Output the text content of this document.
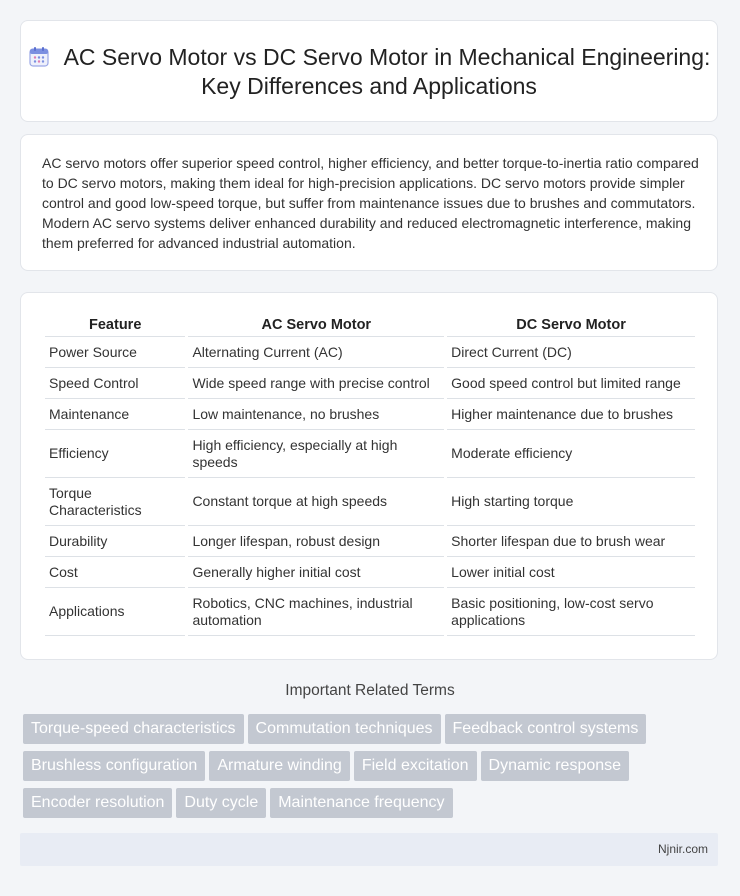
AC Servo Motor vs DC Servo Motor in Mechanical Engineering: Key Differences and Applications
AC servo motors offer superior speed control, higher efficiency, and better torque-to-inertia ratio compared to DC servo motors, making them ideal for high-precision applications. DC servo motors provide simpler control and good low-speed torque, but suffer from maintenance issues due to brushes and commutators. Modern AC servo systems deliver enhanced durability and reduced electromagnetic interference, making them preferred for advanced industrial automation.
Feature	AC Servo Motor	DC Servo Motor
Power Source	Alternating Current (AC)	Direct Current (DC)
Speed Control	Wide speed range with precise control	Good speed control but limited range
Maintenance	Low maintenance, no brushes	Higher maintenance due to brushes
Efficiency	High efficiency, especially at high speeds	Moderate efficiency
Torque Characteristics	Constant torque at high speeds	High starting torque
Durability	Longer lifespan, robust design	Shorter lifespan due to brush wear
Cost	Generally higher initial cost	Lower initial cost
Applications	Robotics, CNC machines, industrial automation	Basic positioning, low-cost servo applications
Important Related Terms
Torque-speed characteristics Commutation techniques Feedback control systems
Brushless configuration Armature winding Field excitation Dynamic response
Encoder resolution Duty cycle Maintenance frequency
Njnir.com
